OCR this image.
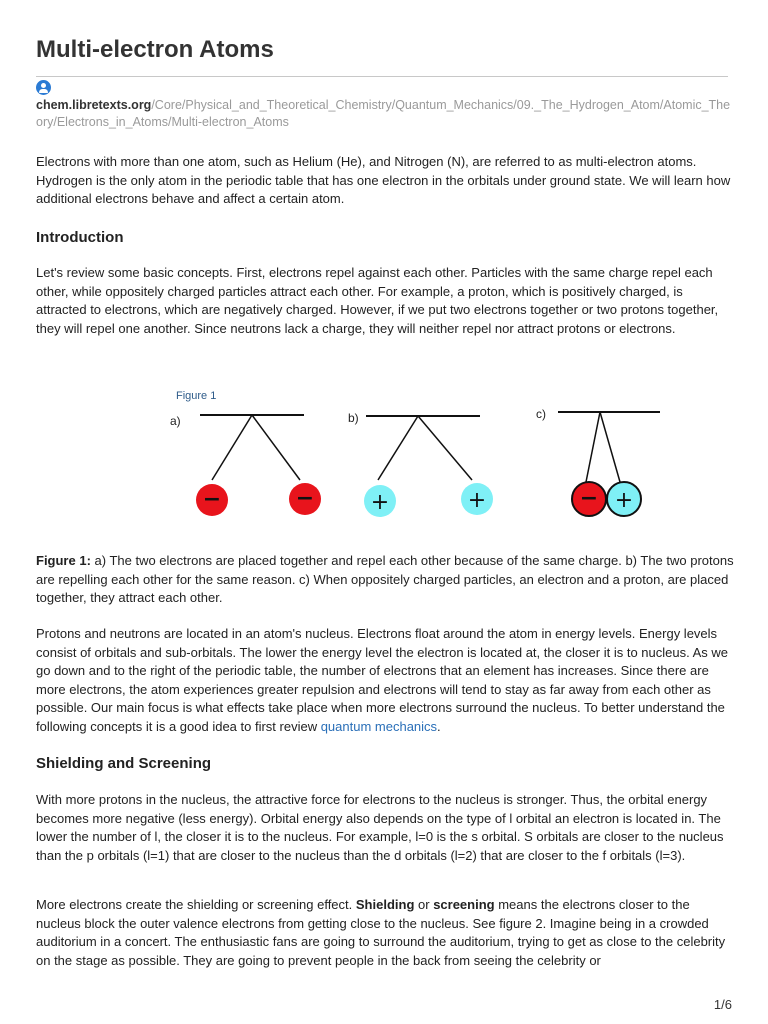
Multi-electron Atoms
chem.libretexts.org/Core/Physical_and_Theoretical_Chemistry/Quantum_Mechanics/09._The_Hydrogen_Atom/Atomic_Theory/Electrons_in_Atoms/Multi-electron_Atoms

Electrons with more than one atom, such as Helium (He), and Nitrogen (N), are referred to as multi-electron atoms. Hydrogen is the only atom in the periodic table that has one electron in the orbitals under ground state. We will learn how additional electrons behave and affect a certain atom.

Introduction

Let's review some basic concepts. First, electrons repel against each other. Particles with the same charge repel each other, while oppositely charged particles attract each other. For example, a proton, which is positively charged, is attracted to electrons, which are negatively charged. However, if we put two electrons together or two protons together, they will repel one another. Since neutrons lack a charge, they will neither repel nor attract protons or electrons.

Figure 1
a)
−	−
b)
+	+
c)
− +

Figure 1: a) The two electrons are placed together and repel each other because of the same charge. b) The two protons are repelling each other for the same reason. c) When oppositely charged particles, an electron and a proton, are placed together, they attract each other.

Protons and neutrons are located in an atom's nucleus. Electrons float around the atom in energy levels. Energy levels consist of orbitals and sub-orbitals. The lower the energy level the electron is located at, the closer it is to nucleus. As we go down and to the right of the periodic table, the number of electrons that an element has increases. Since there are more electrons, the atom experiences greater repulsion and electrons will tend to stay as far away from each other as possible. Our main focus is what effects take place when more electrons surround the nucleus. To better understand the following concepts it is a good idea to first review quantum mechanics.

Shielding and Screening

With more protons in the nucleus, the attractive force for electrons to the nucleus is stronger. Thus, the orbital energy becomes more negative (less energy). Orbital energy also depends on the type of l orbital an electron is located in. The lower the number of l, the closer it is to the nucleus. For example, l=0 is the s orbital. S orbitals are closer to the nucleus than the p orbitals (l=1) that are closer to the nucleus than the d orbitals (l=2) that are closer to the f orbitals (l=3).

More electrons create the shielding or screening effect. Shielding or screening means the electrons closer to the nucleus block the outer valence electrons from getting close to the nucleus. See figure 2. Imagine being in a crowded auditorium in a concert. The enthusiastic fans are going to surround the auditorium, trying to get as close to the celebrity on the stage as possible. They are going to prevent people in the back from seeing the celebrity or

1/6
